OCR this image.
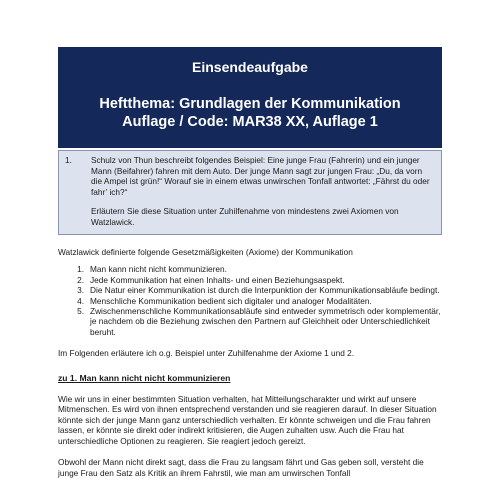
Einsendeaufgabe
Heftthema: Grundlagen der Kommunikation
Auflage / Code: MAR38 XX, Auflage 1
1.	Schulz von Thun beschreibt folgendes Beispiel: Eine junge Frau (Fahrerin) und ein junger Mann (Beifahrer) fahren mit dem Auto. Der junge Mann sagt zur jungen Frau: „Du, da vorn die Ampel ist grün!“ Worauf sie in einem etwas unwirschen Tonfall antwortet: „Fährst du oder fahr’ ich?“
Erläutern Sie diese Situation unter Zuhilfenahme von mindestens zwei Axiomen von Watzlawick.

Watzlawick definierte folgende Gesetzmäßigkeiten (Axiome) der Kommunikation

1. Man kann nicht nicht kommunizieren.
2. Jede Kommunikation hat einen Inhalts- und einen Beziehungsaspekt.
3. Die Natur einer Kommunikation ist durch die Interpunktion der Kommunikationsabläufe bedingt.
4. Menschliche Kommunikation bedient sich digitaler und analoger Modalitäten.
5. Zwischenmenschliche Kommunikationsabläufe sind entweder symmetrisch oder komplementär, je nachdem ob die Beziehung zwischen den Partnern auf Gleichheit oder Unterschiedlichkeit beruht.

Im Folgenden erläutere ich o.g. Beispiel unter Zuhilfenahme der Axiome 1 und 2.

zu 1. Man kann nicht nicht kommunizieren

Wie wir uns in einer bestimmten Situation verhalten, hat Mitteilungscharakter und wirkt auf unsere Mitmenschen. Es wird von ihnen entsprechend verstanden und sie reagieren darauf. In dieser Situation könnte sich der junge Mann ganz unterschiedlich verhalten. Er könnte schweigen und die Frau fahren lassen, er könnte sie direkt oder indirekt kritisieren, die Augen zuhalten usw. Auch die Frau hat unterschiedliche Optionen zu reagieren. Sie reagiert jedoch gereizt.

Obwohl der Mann nicht direkt sagt, dass die Frau zu langsam fährt und Gas geben soll, versteht die junge Frau den Satz als Kritik an ihrem Fahrstil, wie man am unwirschen Tonfall
